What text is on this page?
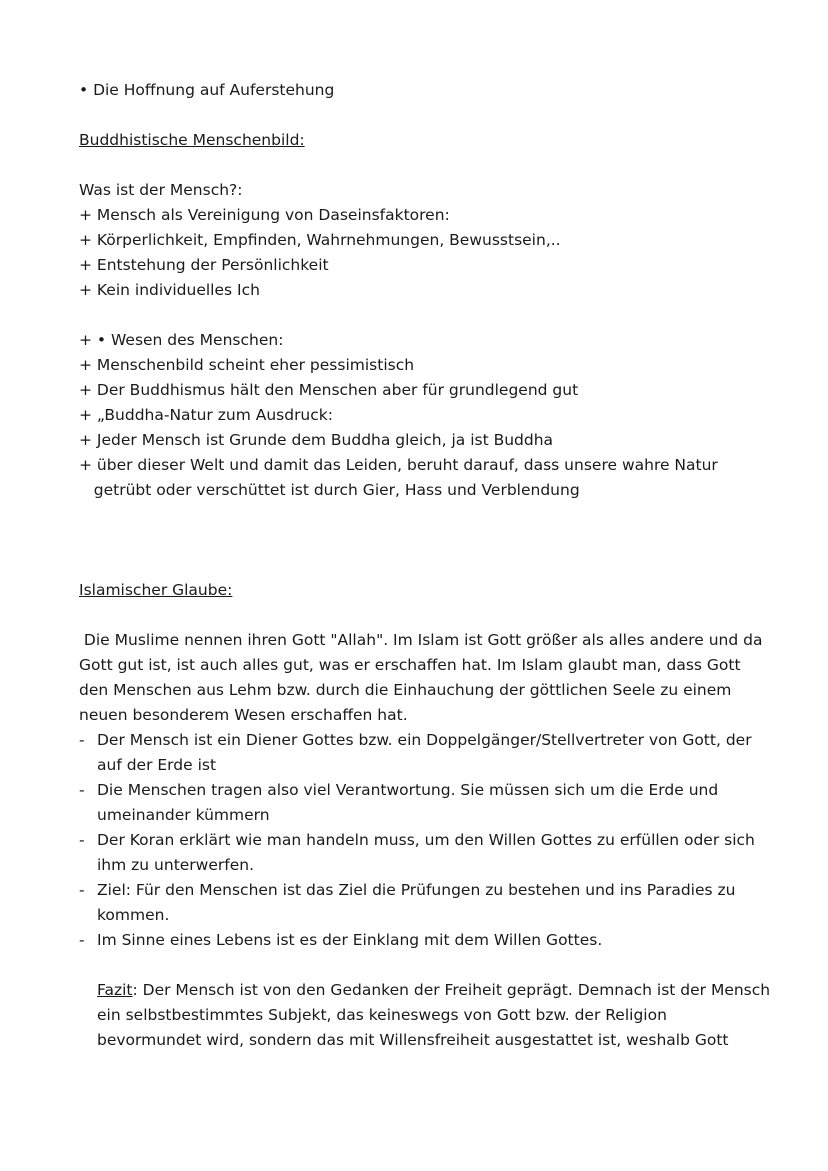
• Die Hoffnung auf Auferstehung
Buddhistische Menschenbild:
Was ist der Mensch?:
+ Mensch als Vereinigung von Daseinsfaktoren:
+ Körperlichkeit, Empfinden, Wahrnehmungen, Bewusstsein,..
+ Entstehung der Persönlichkeit
+ Kein individuelles Ich
+ • Wesen des Menschen:
+ Menschenbild scheint eher pessimistisch
+ Der Buddhismus hält den Menschen aber für grundlegend gut
+ „Buddha-Natur zum Ausdruck:
+ Jeder Mensch ist Grunde dem Buddha gleich, ja ist Buddha
+ über dieser Welt und damit das Leiden, beruht darauf, dass unsere wahre Natur
getrübt oder verschüttet ist durch Gier, Hass und Verblendung
Islamischer Glaube:
Die Muslime nennen ihren Gott "Allah". Im Islam ist Gott größer als alles andere und da
Gott gut ist, ist auch alles gut, was er erschaffen hat. Im Islam glaubt man, dass Gott
den Menschen aus Lehm bzw. durch die Einhauchung der göttlichen Seele zu einem
neuen besonderem Wesen erschaffen hat.
- Der Mensch ist ein Diener Gottes bzw. ein Doppelgänger/Stellvertreter von Gott, der
auf der Erde ist
- Die Menschen tragen also viel Verantwortung. Sie müssen sich um die Erde und
umeinander kümmern
- Der Koran erklärt wie man handeln muss, um den Willen Gottes zu erfüllen oder sich
ihm zu unterwerfen.
- Ziel: Für den Menschen ist das Ziel die Prüfungen zu bestehen und ins Paradies zu
kommen.
- Im Sinne eines Lebens ist es der Einklang mit dem Willen Gottes.
Fazit: Der Mensch ist von den Gedanken der Freiheit geprägt. Demnach ist der Mensch
ein selbstbestimmtes Subjekt, das keineswegs von Gott bzw. der Religion
bevormundet wird, sondern das mit Willensfreiheit ausgestattet ist, weshalb Gott
